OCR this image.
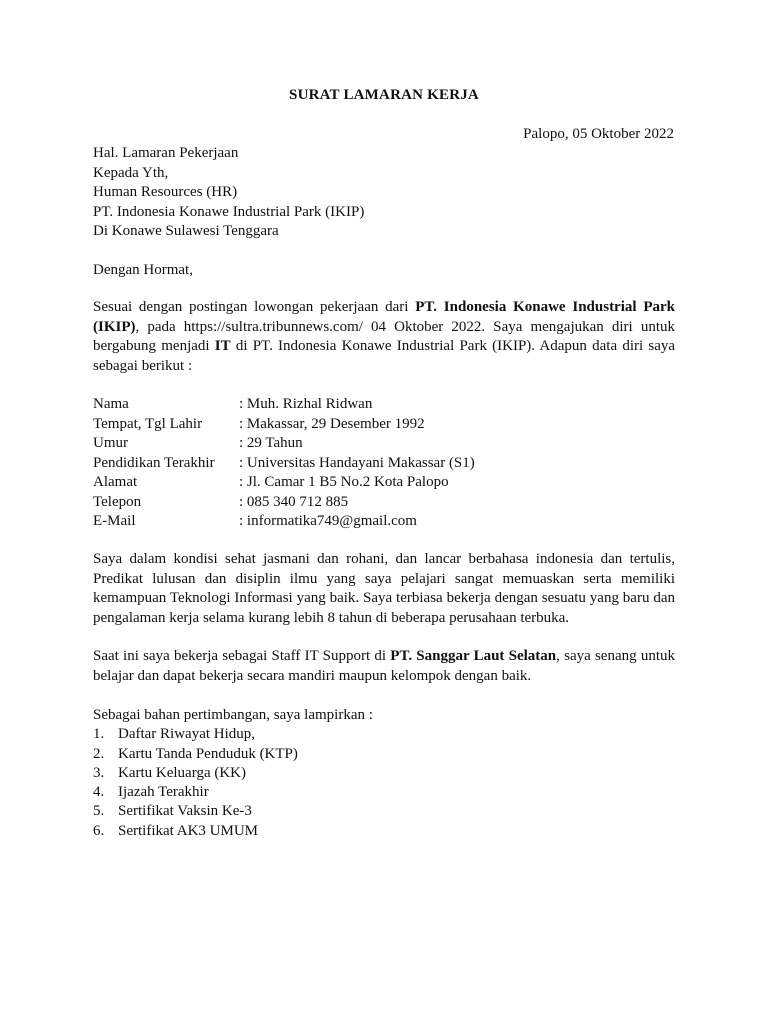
SURAT LAMARAN KERJA
Palopo, 05 Oktober 2022
Hal. Lamaran Pekerjaan
Kepada Yth,
Human Resources (HR)
PT. Indonesia Konawe Industrial Park (IKIP)
Di Konawe Sulawesi Tenggara
Dengan Hormat,
Sesuai dengan postingan lowongan pekerjaan dari PT. Indonesia Konawe Industrial Park (IKIP), pada https://sultra.tribunnews.com/ 04 Oktober 2022. Saya mengajukan diri untuk bergabung menjadi IT di PT. Indonesia Konawe Industrial Park (IKIP). Adapun data diri saya sebagai berikut :
Nama	: Muh. Rizhal Ridwan
Tempat, Tgl Lahir	: Makassar, 29 Desember 1992
Umur	: 29 Tahun
Pendidikan Terakhir	: Universitas Handayani Makassar (S1)
Alamat	: Jl. Camar 1 B5 No.2 Kota Palopo
Telepon	: 085 340 712 885
E-Mail	: informatika749@gmail.com
Saya dalam kondisi sehat jasmani dan rohani, dan lancar berbahasa indonesia dan tertulis, Predikat lulusan dan disiplin ilmu yang saya pelajari sangat memuaskan serta memiliki kemampuan Teknologi Informasi yang baik. Saya terbiasa bekerja dengan sesuatu yang baru dan pengalaman kerja selama kurang lebih 8 tahun di beberapa perusahaan terbuka.
Saat ini saya bekerja sebagai Staff IT Support di PT. Sanggar Laut Selatan, saya senang untuk belajar dan dapat bekerja secara mandiri maupun kelompok dengan baik.
Sebagai bahan pertimbangan, saya lampirkan :
1. Daftar Riwayat Hidup,
2. Kartu Tanda Penduduk (KTP)
3. Kartu Keluarga (KK)
4. Ijazah Terakhir
5. Sertifikat Vaksin Ke-3
6. Sertifikat AK3 UMUM
